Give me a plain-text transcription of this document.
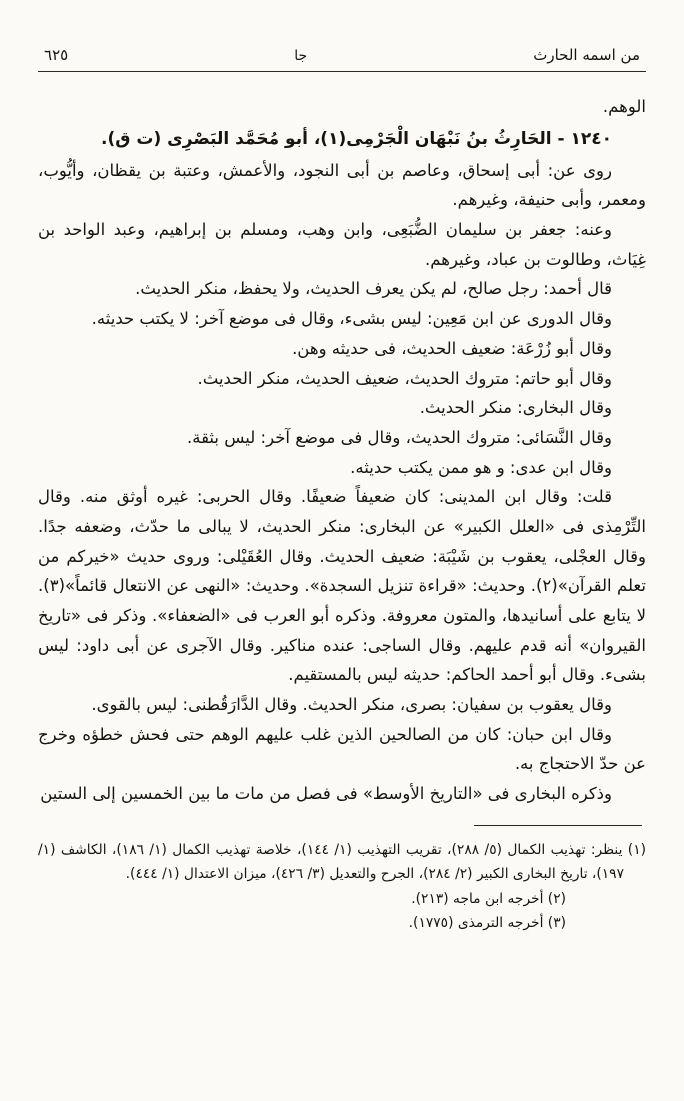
من اسمه الحارث
جا
٦٢٥

الوهم.

١٢٤٠ - الحَارِثُ بنُ نَبْهَان الْجَرْمِى(١)، أبو مُحَمَّد البَصْرِى (ت ق).

روى عن: أبى إسحاق، وعاصم بن أبى النجود، والأعمش، وعتبة بن يقظان، وأيُّوب، ومعمر، وأبى حنيفة، وغيرهم.

وعنه: جعفر بن سليمان الضُّبَعِى، وابن وهب، ومسلم بن إبراهيم، وعبد الواحد بن غِيَاث، وطالوت بن عباد، وغيرهم.

قال أحمد: رجل صالح، لم يكن يعرف الحديث، ولا يحفظ، منكر الحديث.

وقال الدورى عن ابن مَعِين: ليس بشىء، وقال فى موضع آخر: لا يكتب حديثه.

وقال أبو زُرْعَة: ضعيف الحديث، فى حديثه وهن.

وقال أبو حاتم: متروك الحديث، ضعيف الحديث، منكر الحديث.

وقال البخارى: منكر الحديث.

وقال النَّسَائى: متروك الحديث، وقال فى موضع آخر: ليس بثقة.

وقال ابن عدى: و هو ممن يكتب حديثه.

قلت: وقال ابن المدينى: كان ضعيفاً ضعيفًا. وقال الحربى: غيره أوثق منه. وقال التِّرْمِذى فى «العلل الكبير» عن البخارى: منكر الحديث، لا يبالى ما حدّث، وضعفه جدًا. وقال العجْلى، يعقوب بن شَيْبَة: ضعيف الحديث. وقال العُقَيْلى: وروى حديث «خيركم من تعلم القرآن»(٢). وحديث: «قراءة تنزيل السجدة». وحديث: «النهى عن الانتعال قائماً»(٣). لا يتابع على أسانيدها، والمتون معروفة. وذكره أبو العرب فى «الضعفاء». وذكر فى «تاريخ القيروان» أنه قدم عليهم. وقال الساجى: عنده مناكير. وقال الآجرى عن أبى داود: ليس بشىء. وقال أبو أحمد الحاكم: حديثه ليس بالمستقيم.

وقال يعقوب بن سفيان: بصرى، منكر الحديث. وقال الدَّارَقُطنى: ليس بالقوى.

وقال ابن حبان: كان من الصالحين الذين غلب عليهم الوهم حتى فحش خطؤه وخرج عن حدّ الاحتجاج به.

وذكره البخارى فى «التاريخ الأوسط» فى فصل من مات ما بين الخمسين إلى الستين

(١) ينظر: تهذيب الكمال (٥/ ٢٨٨)، تقريب التهذيب (١/ ١٤٤)، خلاصة تهذيب الكمال (١/ ١٨٦)، الكاشف (١/ ١٩٧)، تاريخ البخارى الكبير (٢/ ٢٨٤)، الجرح والتعديل (٣/ ٤٢٦)، ميزان الاعتدال (١/ ٤٤٤).

(٢) أخرجه ابن ماجه (٢١٣).

(٣) أخرجه الترمذى (١٧٧٥).
